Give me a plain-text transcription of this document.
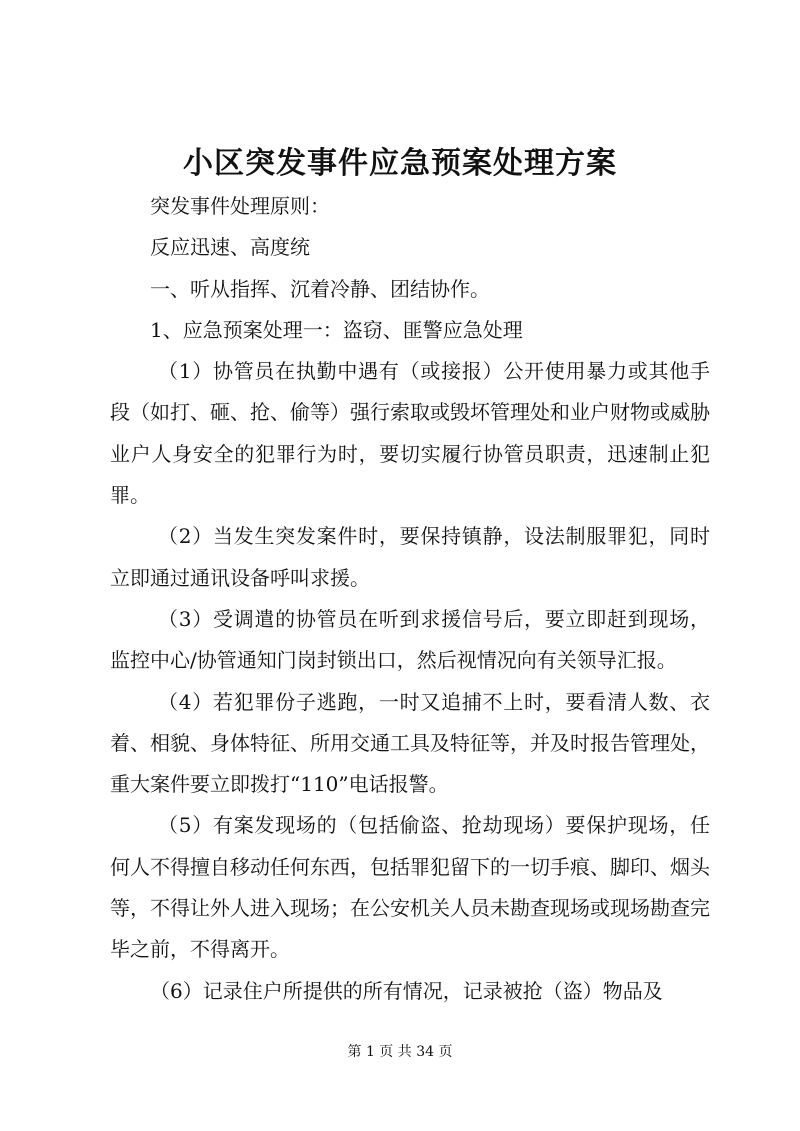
小区突发事件应急预案处理方案

突发事件处理原则：

反应迅速、高度统

一、听从指挥、沉着冷静、团结协作。

1、应急预案处理一：盗窃、匪警应急处理

（1）协管员在执勤中遇有（或接报）公开使用暴力或其他手段（如打、砸、抢、偷等）强行索取或毁坏管理处和业户财物或威胁业户人身安全的犯罪行为时，要切实履行协管员职责，迅速制止犯罪。

（2）当发生突发案件时，要保持镇静，设法制服罪犯，同时立即通过通讯设备呼叫求援。

（3）受调遣的协管员在听到求援信号后，要立即赶到现场，监控中心/协管通知门岗封锁出口，然后视情况向有关领导汇报。

（4）若犯罪份子逃跑，一时又追捕不上时，要看清人数、衣着、相貌、身体特征、所用交通工具及特征等，并及时报告管理处，重大案件要立即拨打“110”电话报警。

（5）有案发现场的（包括偷盗、抢劫现场）要保护现场，任何人不得擅自移动任何东西，包括罪犯留下的一切手痕、脚印、烟头等，不得让外人进入现场；在公安机关人员未勘查现场或现场勘查完毕之前，不得离开。

（6）记录住户所提供的所有情况，记录被抢（盗）物品及

第 1 页 共 34 页
